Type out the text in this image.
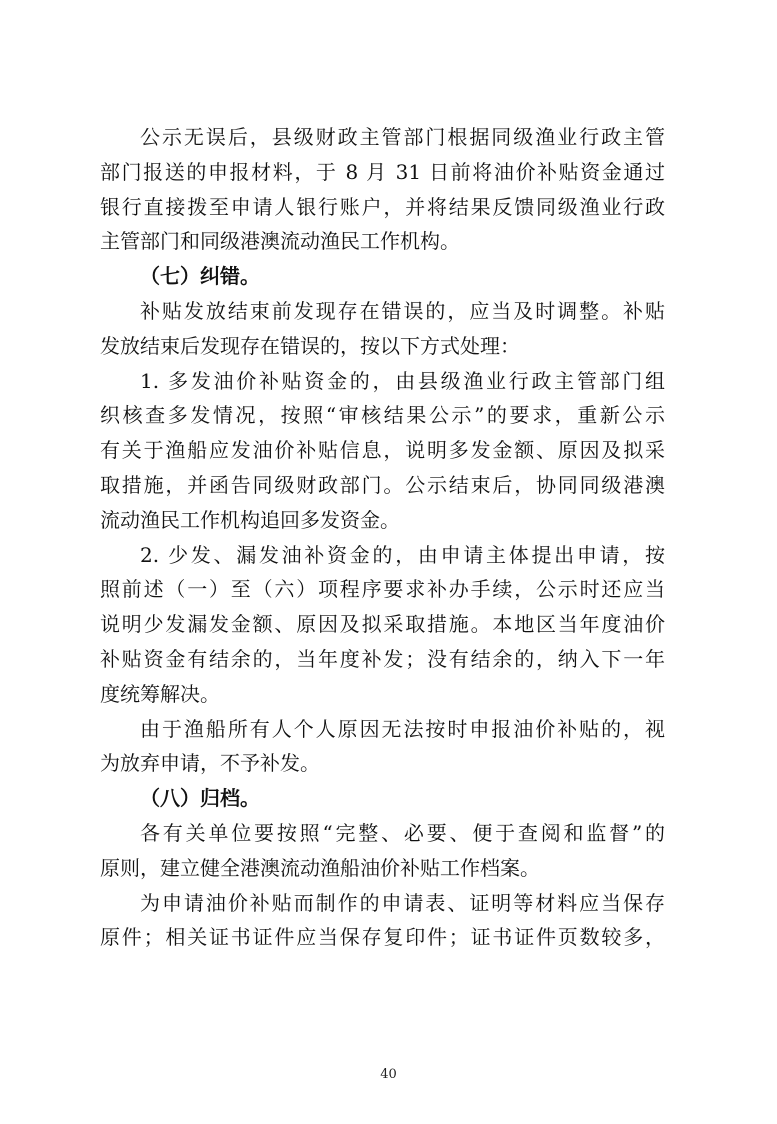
公示无误后，县级财政主管部门根据同级渔业行政主管
部门报送的申报材料，于 8 月 31 日前将油价补贴资金通过
银行直接拨至申请人银行账户，并将结果反馈同级渔业行政
主管部门和同级港澳流动渔民工作机构。
（七）纠错。
补贴发放结束前发现存在错误的，应当及时调整。补贴
发放结束后发现存在错误的，按以下方式处理：
1. 多发油价补贴资金的，由县级渔业行政主管部门组
织核查多发情况，按照“审核结果公示”的要求，重新公示
有关于渔船应发油价补贴信息，说明多发金额、原因及拟采
取措施，并函告同级财政部门。公示结束后，协同同级港澳
流动渔民工作机构追回多发资金。
2. 少发、漏发油补资金的，由申请主体提出申请，按
照前述（一）至（六）项程序要求补办手续，公示时还应当
说明少发漏发金额、原因及拟采取措施。本地区当年度油价
补贴资金有结余的，当年度补发；没有结余的，纳入下一年
度统筹解决。
由于渔船所有人个人原因无法按时申报油价补贴的，视
为放弃申请，不予补发。
（八）归档。
各有关单位要按照“完整、必要、便于查阅和监督”的
原则，建立健全港澳流动渔船油价补贴工作档案。
为申请油价补贴而制作的申请表、证明等材料应当保存
原件；相关证书证件应当保存复印件；证书证件页数较多，
40
